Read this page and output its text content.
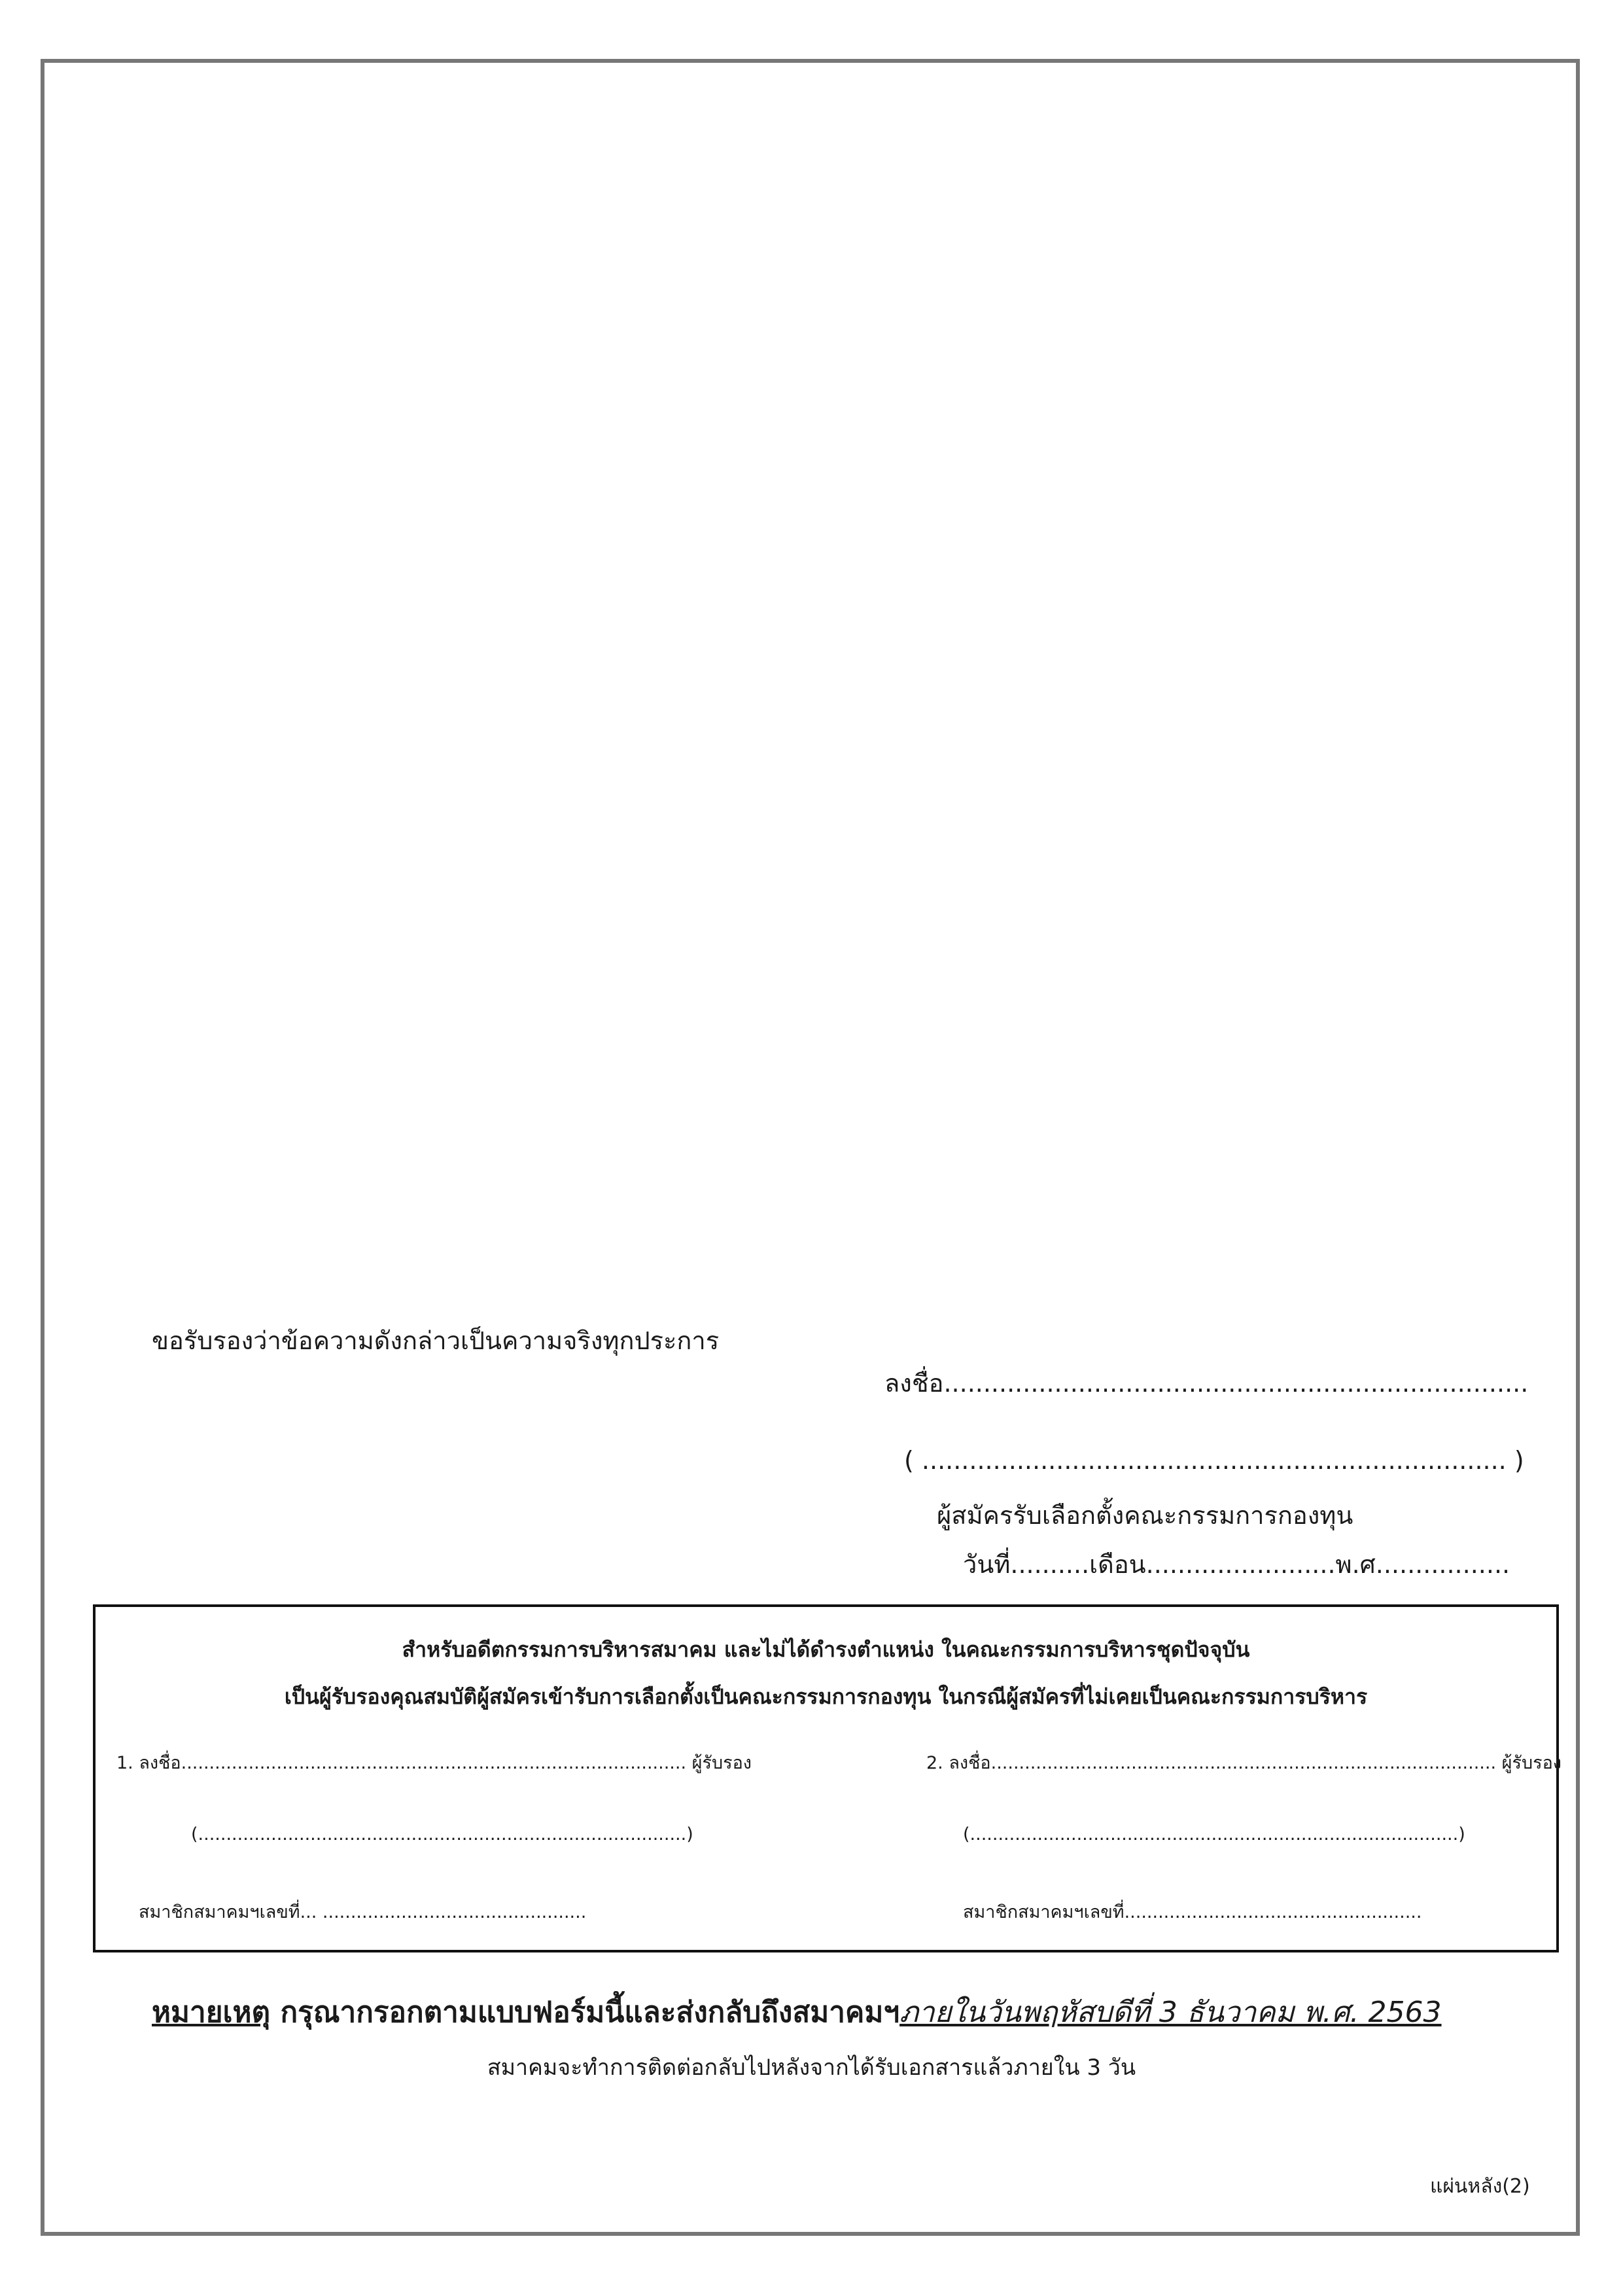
ขอรับรองว่าข้อความดังกล่าวเป็นความจริงทุกประการ
ลงชื่อ..........................................................................
( .......................................................................... )
ผู้สมัครรับเลือกตั้งคณะกรรมการกองทุน
วันที่..........เดือน........................พ.ศ.................
สำหรับอดีตกรรมการบริหารสมาคม และไม่ได้ดำรงตำแหน่ง ในคณะกรรมการบริหารชุดปัจจุบัน
เป็นผู้รับรองคุณสมบัติผู้สมัครเข้ารับการเลือกตั้งเป็นคณะกรรมการกองทุน ในกรณีผู้สมัครที่ไม่เคยเป็นคณะกรรมการบริหาร
1. ลงชื่อ.......................................................................................... ผู้รับรอง
(.......................................................................................)
สมาชิกสมาคมฯเลขที่... ...............................................
2. ลงชื่อ.......................................................................................... ผู้รับรอง
(.......................................................................................)
สมาชิกสมาคมฯเลขที่.....................................................
หมายเหตุ กรุณากรอกตามแบบฟอร์มนี้และส่งกลับถึงสมาคมฯภายในวันพฤหัสบดีที่ 3 ธันวาคม พ.ศ. 2563
สมาคมจะทำการติดต่อกลับไปหลังจากได้รับเอกสารแล้วภายใน 3 วัน
แผ่นหลัง(2)
